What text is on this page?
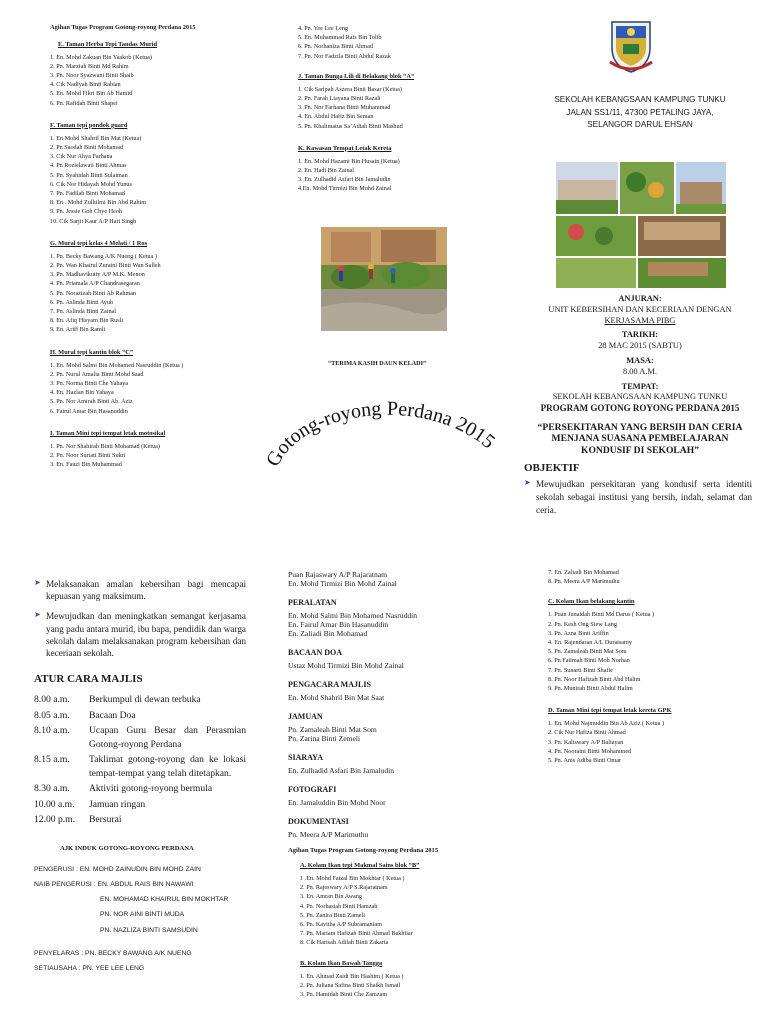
Agihan Tugas Program Gotong-royong Perdana 2015

E. Taman Herba Tepi Tandas Murid

1. En. Mohd Zakuan Bin Yaakob (Ketua)
2. Pn. Marziah Binti Md Rahim
3. Pn. Noor Syazwani Binti Shaib
4. Cik Nadiyah Binti Rabian
5. En. Mohd Fikri Bin Ab Hamid
6. Pn. Rafidah Binti Shapei

F. Taman tepi pondok guard

1. En Mohd Shahril Bin Mat (Ketua)
2. Pn Saodah Binti Mohamad
3. Cik Nur Ahya Farhana
4. Pn Rozielawati Binti Ahmas
5. Pn. Syahidah Binti Sulaiman
6. Cik Nor Hidayah Mohd Yunus
7. Pn. Fadilah Binti Mohamad
8. En . Mohd Zulhilmi Bin Abd Rahim
9. Pn. Jessie Goh Chye Heoh
10. Cik Sarjit Kaur A/P Hari Singh

G. Mural tepi kelas 4 Melati / 1 Ros

1. Pn. Becky Bawang A/K Nueng ( Ketua )
2. Pn. Wan Khairul Zuraini Binti Wan Salleh
3. Pn. Madhavikutty A/P M.K. Menon
4. Pn. Priamala A/P Chandrasegaran
5. Pn. Norazizah Binti Ab Rahman
6. Pn. Aslinda Binti Ayub
7. Pn. Aslinda Binti Zainal
8. En. Afiq Hisyam Bin Rusli
9. En. Ariff Bin Ramli

H. Mural tepi kantin blok “C”

1. En. Mohd Salmi Bin Mohamed Nasruddin (Ketua )
2. Pn. Nurul Amalia Binti Mohd Saad
3. Pn. Norma Binti Che Yahaya
4. En. Hazlan Bin Yahaya
5. Pn. Nor Amirah Binti Ab. Aziz
6. Fairul Amar Bin Hasanuddin

I. Taman Mini tepi tempat letak motosikal

1. Pn. Nor Shahirah Binti Mohamad (Ketua)
2. Pn. Noor Suriati Binti Sukri
3. En. Fauzi Bin Muhammad
4. Pn. Yee Lee Leng
5. En. Muhammad Rais Bin Tolib
6. Pn. Norhaniza Binti Ahmad
7. Pn. Nor Fadzila Binti Abdul Razak

J. Taman Bunga Lili di Belakang blok “A”

1. Cik Saripah Aszera Binti Basar (Ketua)
2. Pn. Farah Liayana Binti Razali
3. Pn. Nor Farhana Binti Muhammad
4. En. Abdul Hafiz Bin Seman
5. Pn. Khalimatus Sa’Adiah Binti Mashud

K. Kawasan Tempat Letak Kereta

1. En. Mohd Hazami Bin Husain (Ketua)
2. En. Hadi Bin Zainal
3. En. Zulhadid Asfari Bin Jamaludin
4.En. Mohd Tirmizi Bin Mohd Zainal

“TERIMA KASIH DAUN KELADI”

Gotong-royong Perdana 2015
SEKOLAH KEBANGSAAN KAMPUNG TUNKU
JALAN SS1/11, 47300 PETALING JAYA,
SELANGOR DARUL EHSAN
ANJURAN:
UNIT KEBERSIHAN DAN KECERIAAN DENGAN
KERJASAMA PIBG
TARIKH:
28 MAC 2015 (SABTU)
MASA:
8.00 A.M.
TEMPAT:
SEKOLAH KEBANGSAAN KAMPUNG TUNKU
PROGRAM GOTONG ROYONG PERDANA 2015
“PERSEKITARAN YANG BERSIH DAN CERIA
MENJANA SUASANA PEMBELAJARAN
KONDUSIF DI SEKOLAH”
OBJEKTIF
➤ Mewujudkan persekitaran yang kondusif serta identiti sekolah sebagai institusi yang bersih, indah, selamat dan ceria.
➤ Melaksanakan amalan kebersihan bagi mencapai kepuasan yang maksimum.
➤ Mewujudkan dan meningkatkan semangat kerjasama yang padu antara murid, ibu bapa, pendidik dan warga sekolah dalam melaksanakan program kebersihan dan keceriaan sekolah.
ATUR CARA MAJLIS
8.00 a.m.	Berkumpul di dewan terbuka
8.05 a.m.	Bacaan Doa
8.10 a.m.	Ucapan Guru Besar dan Perasmian Gotong-royong Perdana
8.15 a.m.	Taklimat gotong-royong dan ke lokasi tempat-tempat yang telah ditetapkan.
8.30 a.m.	Aktiviti gotong-royong bermula
10.00 a.m.	Jamuan ringan
12.00 p.m.	Bersurai
AJK INDUK GOTONG-ROYONG PERDANA
PENGERUSI : EN. MOHD ZAINUDIN BIN MOHD ZAIN
NAIB PENGERUSI : EN. ABDUL RAIS BIN NAWAWI
EN. MOHAMAD KHAIRUL BIN MOKHTAR
PN. NOR AINI BINTI MUDA
PN. NAZLIZA BINTI SAMSUDIN
PENYELARAS : PN. BECKY BAWANG A/K NUENG
SETIAUSAHA : PN. YEE LEE LENG

Puan Rajaswary A/P Rajaratnam

En. Mohd Tirmizi Bin Mohd Zainal

PERALATAN

En. Mohd Salmi Bin Mohamed Nasruddin

En. Fairul Amar Bin Hasanuddin

En. Zaliadi Bin Mohamad

BACAAN DOA

Ustaz Mohd Tirmizi Bin Mohd Zainal

PENGACARA MAJLIS

En. Mohd Shahril Bin Mat Saat

JAMUAN

Pn. Zamaleah Binti Mat Som

Pn. Zarina Binti Zemeli

SIARAYA

En. Zulhadid Asfari Bin Jamaludin

FOTOGRAFI

En. Jamaluddin Bin Mohd Noor

DOKUMENTASI

Pn. Meera A/P Marimuthu

Agihan Tugas Program Gotong-royong Perdana 2015

A. Kolam Ikan tepi Makmal Sains blok “B”

1 .En. Mohd Faizal Bin Mokhtar ( Ketua )
2. Pn. Rajeswary A/P S.Rajaratnam
3. En. Amran Bin Awang
4. Pn. Norhasiah Binti Hamzah
5. Pn. Zanira Binti Zameli
6. Pn. Kavitha A/P Subramaniam
7. Pn. Mariam Hafizah Binti Ahmad Bakhtiar
8. Cik Harisah Adilah Binti Zakaria

B. Kolam Ikan Bawah Tangga

1. En. Ahmad Zaidi Bin Hashim ( Ketua )
2. Pn. Juliana Safina Binti Shaikh Ismail
3. Pn. Hamidah Binti Che Zamzam
7. En. Zaliadi Bin Mohamad
8. Pn. Meera A/P Marimuthu

C. Kolam Ikan belakang kantin

1. Puan Junaidah Binti Md Darus ( Ketua )
2. Pn. Kesh Ong Siew Lang
3. Pn. Azna Binti Ariffin
4. En. Rajendaran A/L Duraisamy
5. Pn. Zamaleah Binti Mat Som
6. Pn Fatimah Binti Moh Norhan
7. Pn. Sunarti Binti Shafie
8. Pn. Noor Hafizah Binti Abd Halim
9. Pn. Munirah Binti Abdul Halim

D. Taman Mini tepi tempat letak kereta GPK

1. En. Mohd Najmuddin Bin Ab Aziz ( Ketua )
2. Cik Nur Hafiza Binti Ahmad
3. Pn. Kaliswary A/P Baliayan
4. Pn. Nooraini Binti Mohammed
5. Pn. Anis Adiba Binti Omar
